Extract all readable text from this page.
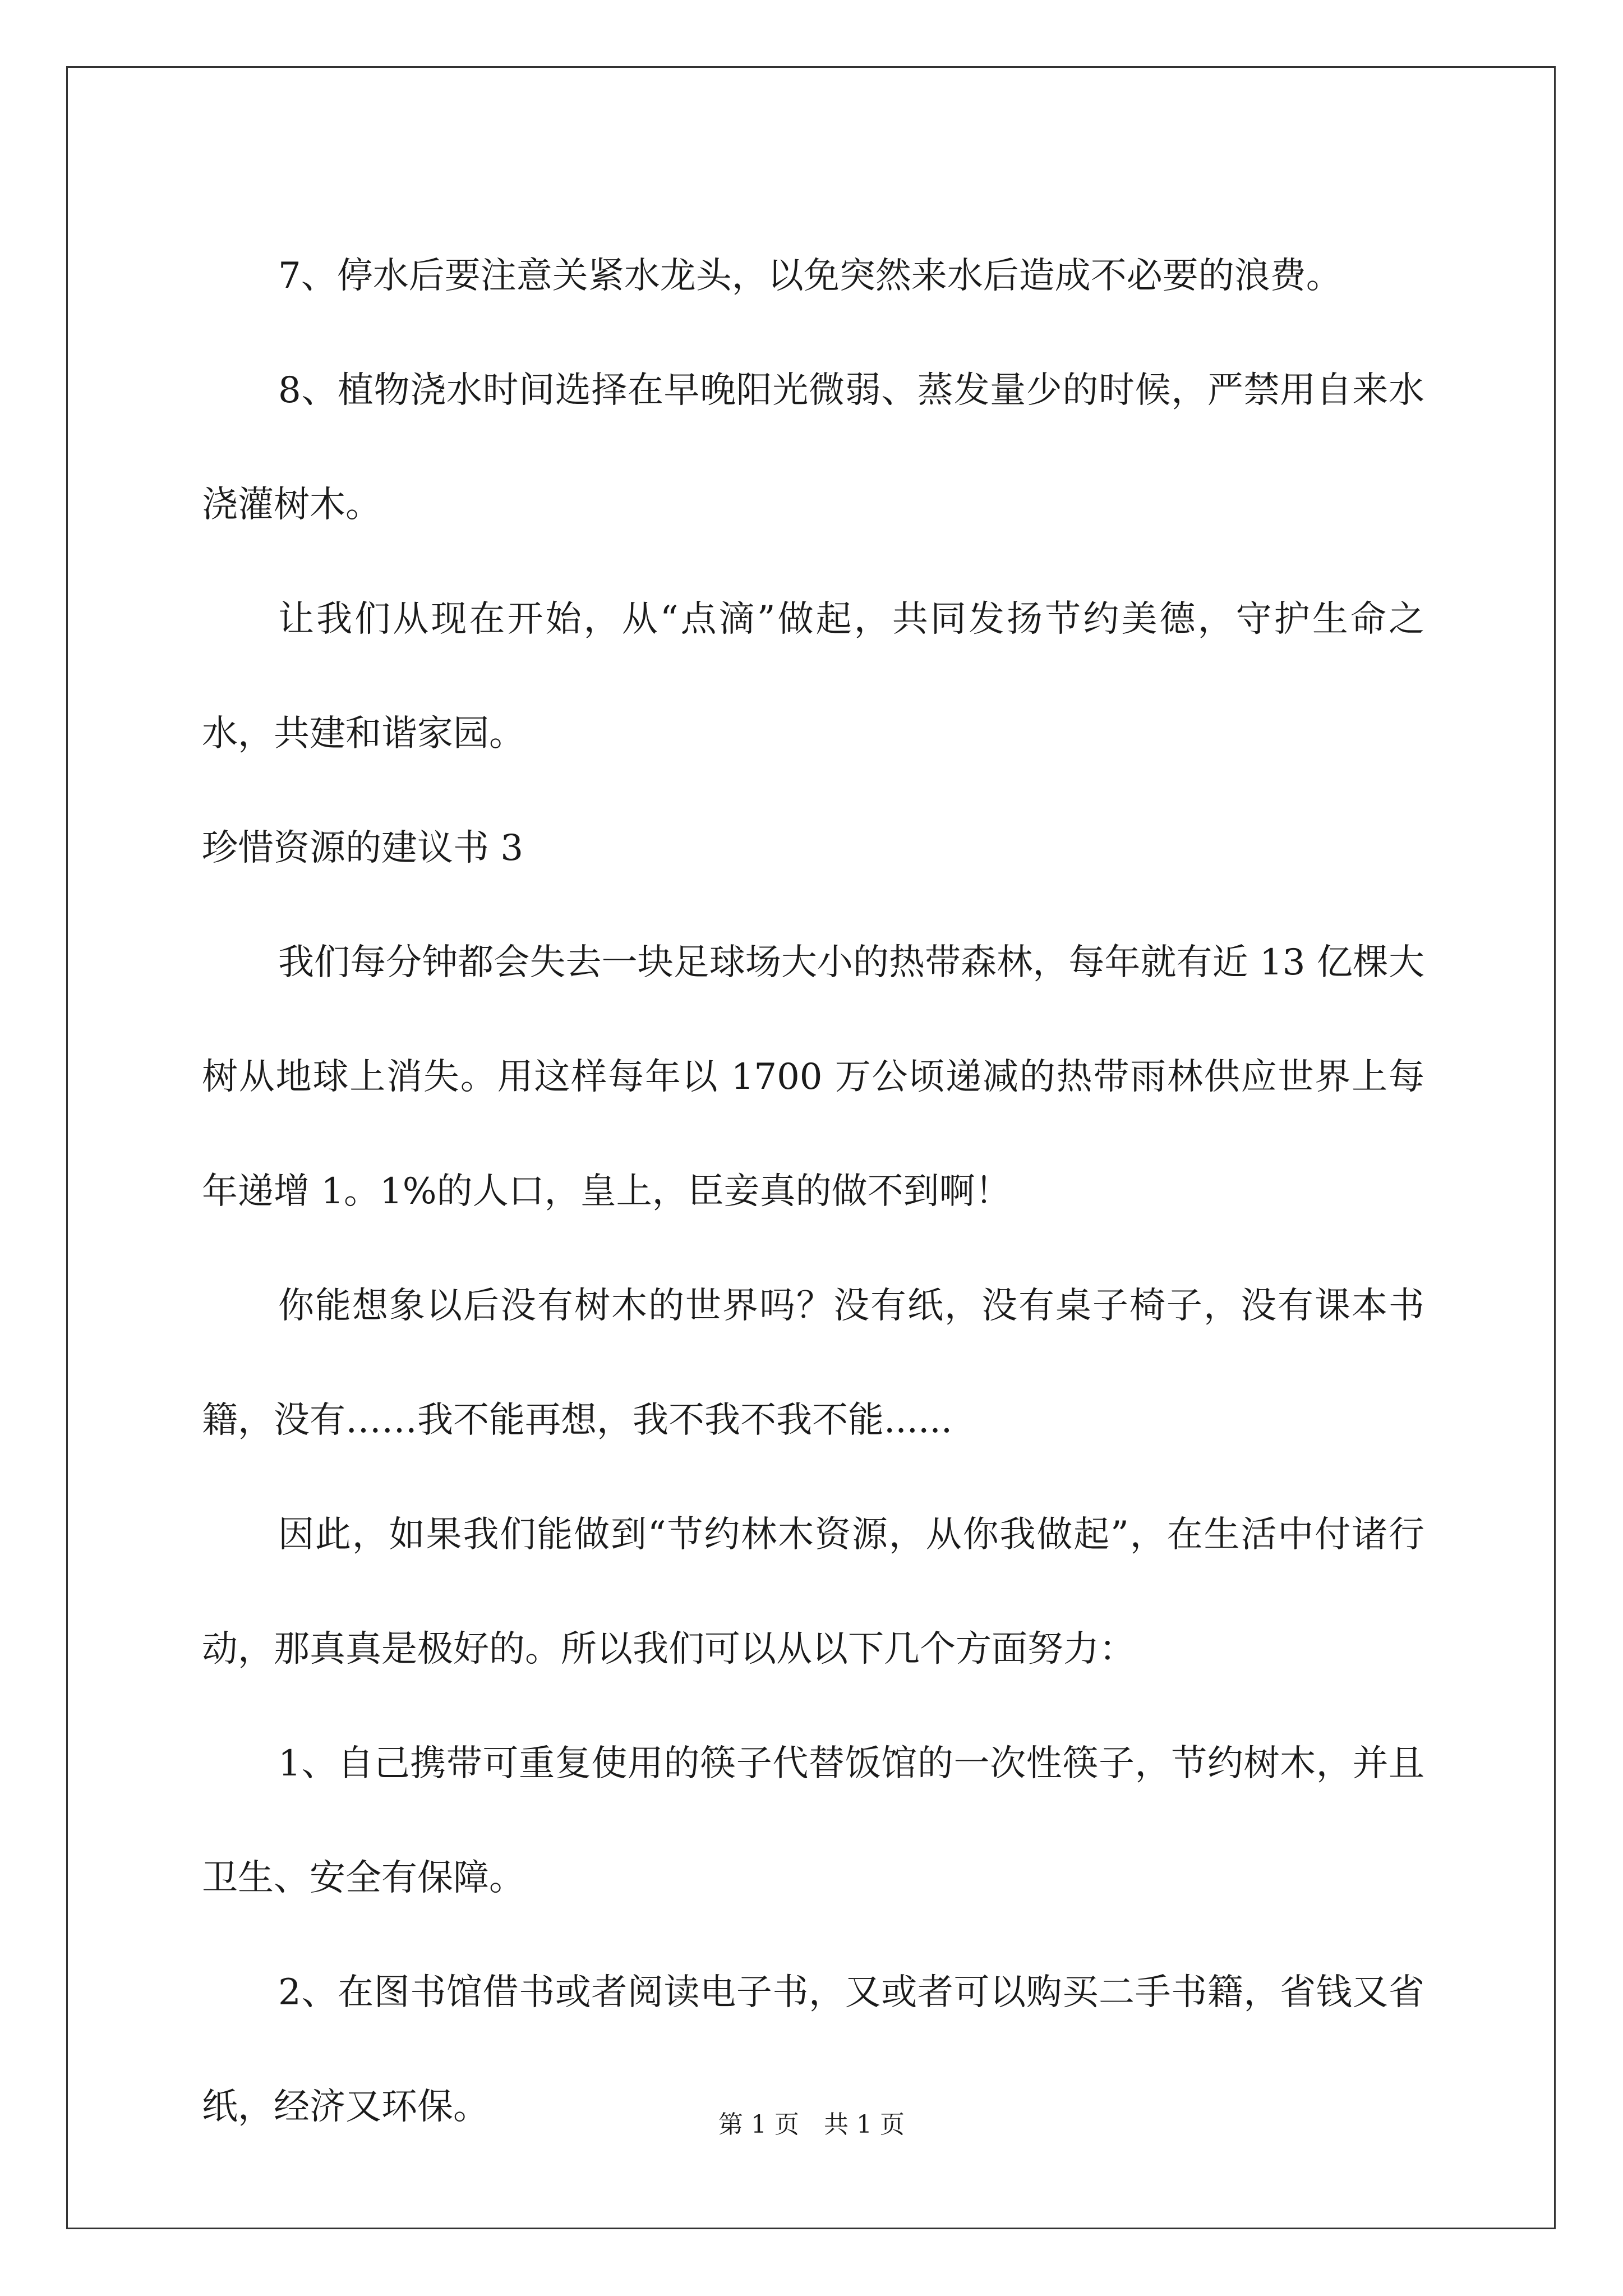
7、停水后要注意关紧水龙头，以免突然来水后造成不必要的浪费。

8、植物浇水时间选择在早晚阳光微弱、蒸发量少的时候，严禁用自来水浇灌树木。

让我们从现在开始，从“点滴”做起，共同发扬节约美德，守护生命之水，共建和谐家园。

珍惜资源的建议书 3

我们每分钟都会失去一块足球场大小的热带森林，每年就有近 13 亿棵大树从地球上消失。用这样每年以 1700 万公顷递减的热带雨林供应世界上每年递增 1。1%的人口，皇上，臣妾真的做不到啊！

你能想象以后没有树木的世界吗？没有纸，没有桌子椅子，没有课本书籍，没有……我不能再想，我不我不我不能......

因此，如果我们能做到“节约林木资源，从你我做起”，在生活中付诸行动，那真真是极好的。所以我们可以从以下几个方面努力：

1、自己携带可重复使用的筷子代替饭馆的一次性筷子，节约树木，并且卫生、安全有保障。

2、在图书馆借书或者阅读电子书，又或者可以购买二手书籍，省钱又省纸，经济又环保。	第 1 页　共 1 页
